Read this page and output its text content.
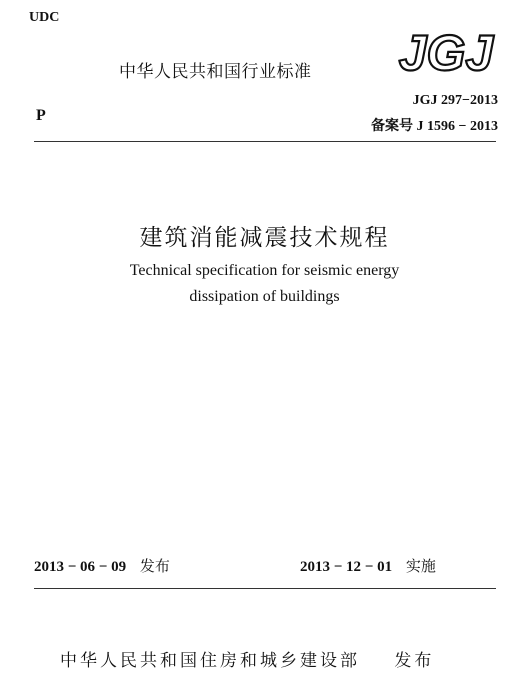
UDC
中华人民共和国行业标准 JGJ
P
JGJ 297−2013
备案号 J 1596 − 2013
建筑消能减震技术规程
Technical specification for seismic energy
dissipation of buildings
2013 − 06 − 09 发布	2013 − 12 − 01 实施
中华人民共和国住房和城乡建设部 发布
